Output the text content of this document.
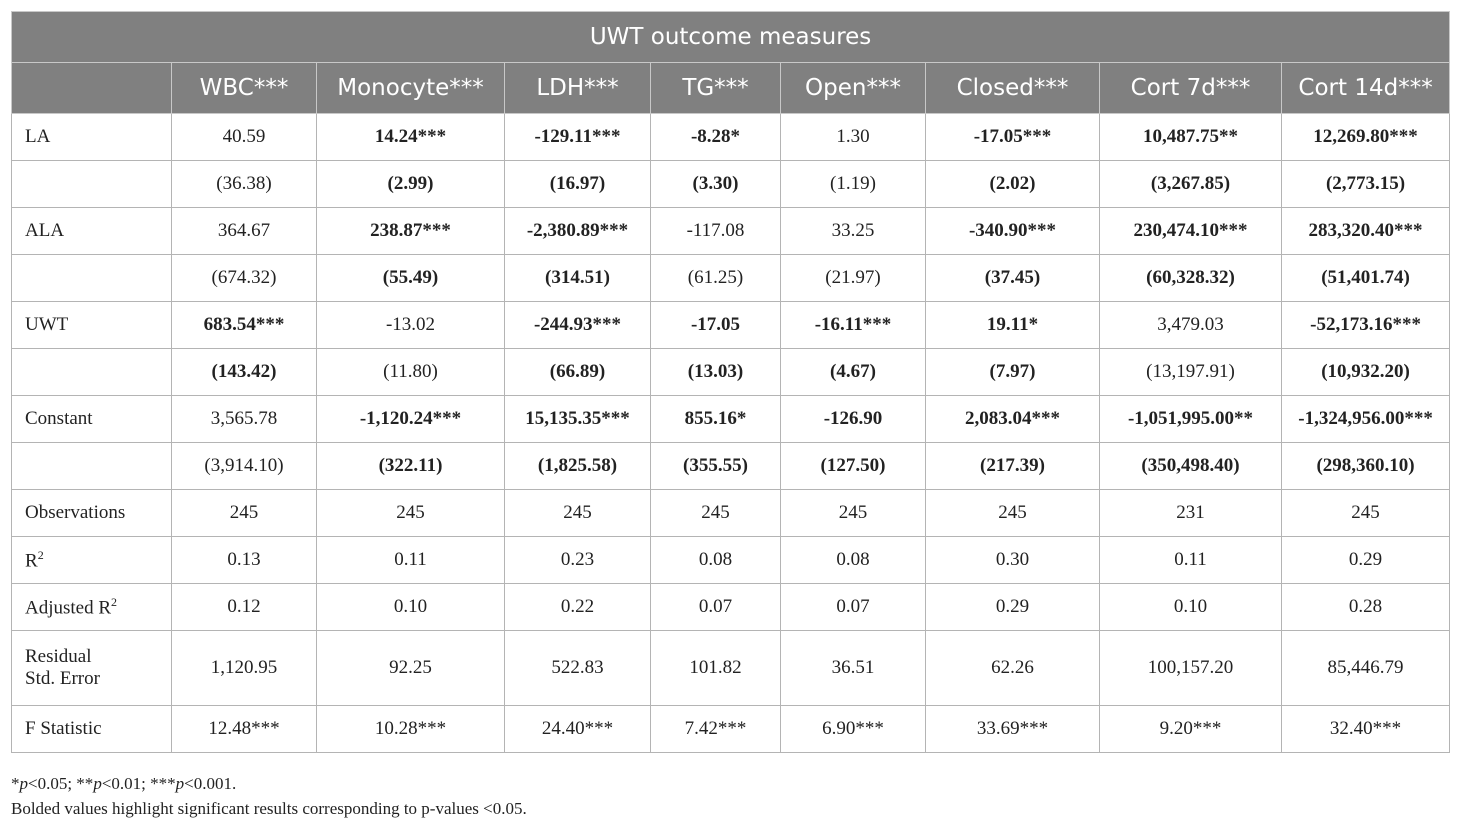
UWT outcome measures								
	WBC***	Monocyte***	LDH***	TG***	Open***	Closed***	Cort 7d***	Cort 14d***
LA	40.59	14.24***	-129.11***	-8.28*	1.30	-17.05***	10,487.75**	12,269.80***
	(36.38)	(2.99)	(16.97)	(3.30)	(1.19)	(2.02)	(3,267.85)	(2,773.15)
ALA	364.67	238.87***	-2,380.89***	-117.08	33.25	-340.90***	230,474.10***	283,320.40***
	(674.32)	(55.49)	(314.51)	(61.25)	(21.97)	(37.45)	(60,328.32)	(51,401.74)
UWT	683.54***	-13.02	-244.93***	-17.05	-16.11***	19.11*	3,479.03	-52,173.16***
	(143.42)	(11.80)	(66.89)	(13.03)	(4.67)	(7.97)	(13,197.91)	(10,932.20)
Constant	3,565.78	-1,120.24***	15,135.35***	855.16*	-126.90	2,083.04***	-1,051,995.00**	-1,324,956.00***
	(3,914.10)	(322.11)	(1,825.58)	(355.55)	(127.50)	(217.39)	(350,498.40)	(298,360.10)
Observations	245	245	245	245	245	245	231	245
$R^2$	0.13	0.11	0.23	0.08	0.08	0.30	0.11	0.29
Adjusted $R^2$	0.12	0.10	0.22	0.07	0.07	0.29	0.10	0.28
Residual
Std. Error	1,120.95	92.25	522.83	101.82	36.51	62.26	100,157.20	85,446.79
F Statistic	12.48***	10.28***	24.40***	7.42***	6.90***	33.69***	9.20***	32.40***
*p<0.05; **p<0.01; ***p<0.001.
Bolded values highlight significant results corresponding to p-values <0.05.
